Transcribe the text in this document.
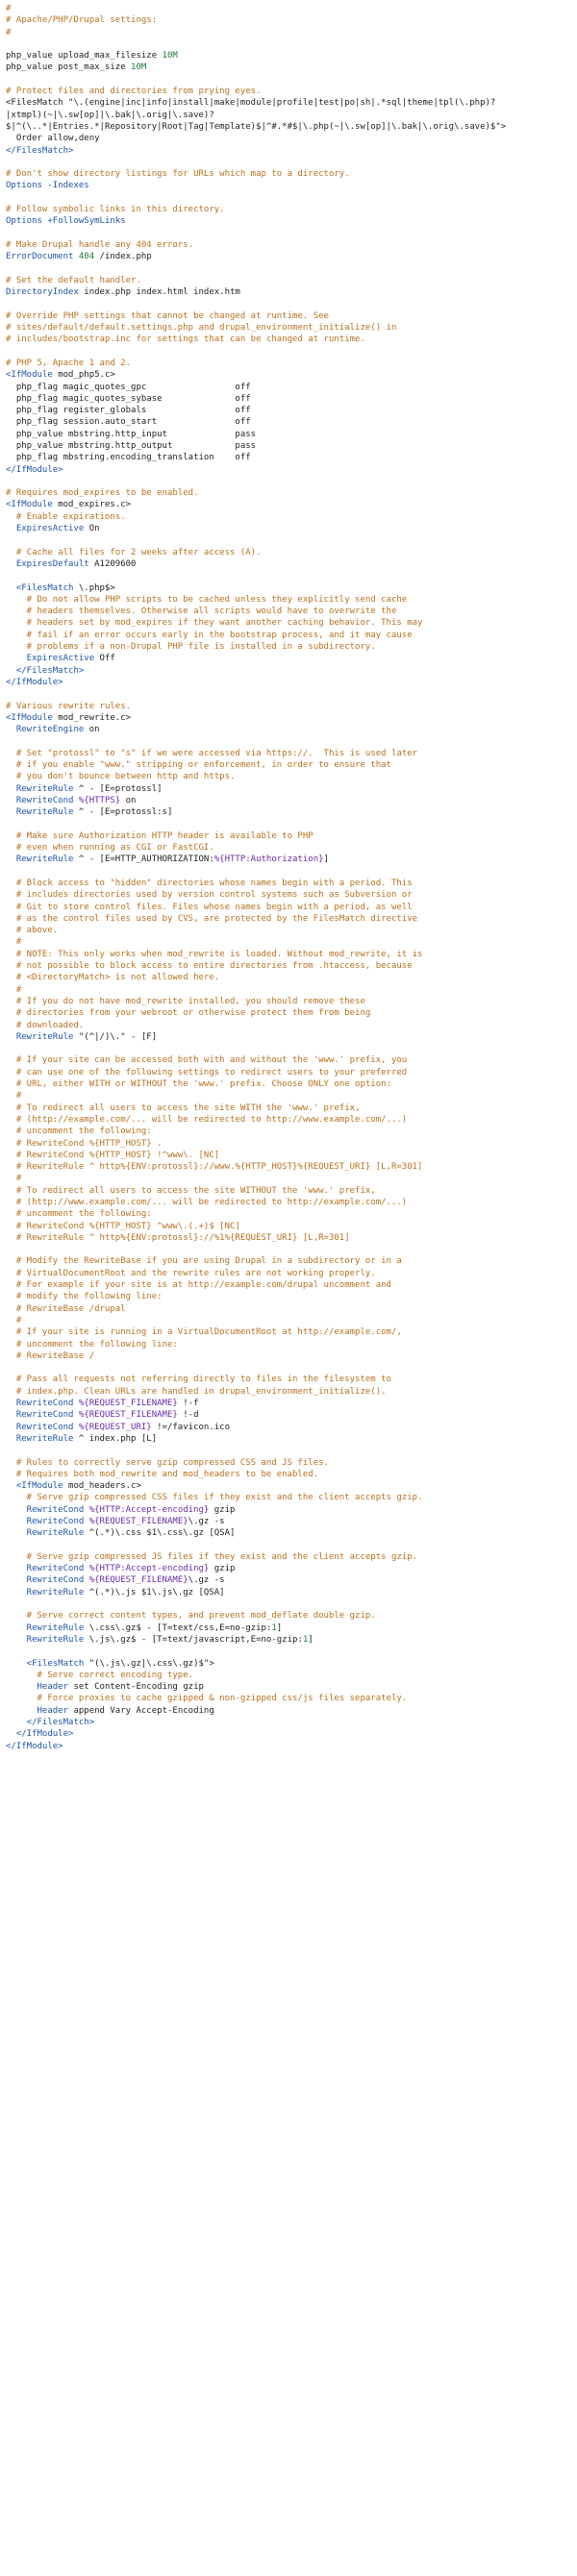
#
# Apache/PHP/Drupal settings:
#

php_value upload_max_filesize 10M
php_value post_max_size 10M

# Protect files and directories from prying eyes.
<FilesMatch "\.(engine|inc|info|install|make|module|profile|test|po|sh|.*sql|theme|tpl(\.php)?
|xtmpl)(~|\.sw[op]|\.bak|\.orig|\.save)?
$|^(\..*|Entries.*|Repository|Root|Tag|Template)$|^#.*#$|\.php(~|\.sw[op]|\.bak|\.orig\.save)$">
Order allow,deny
</FilesMatch>

# Don't show directory listings for URLs which map to a directory.
Options -Indexes

# Follow symbolic links in this directory.
Options +FollowSymLinks

# Make Drupal handle any 404 errors.
ErrorDocument 404 /index.php

# Set the default handler.
DirectoryIndex index.php index.html index.htm

# Override PHP settings that cannot be changed at runtime. See
# sites/default/default.settings.php and drupal_environment_initialize() in
# includes/bootstrap.inc for settings that can be changed at runtime.

# PHP 5, Apache 1 and 2.
<IfModule mod_php5.c>
php_flag magic_quotes_gpc                 off
php_flag magic_quotes_sybase              off
php_flag register_globals                 off
php_flag session.auto_start               off
php_value mbstring.http_input             pass
php_value mbstring.http_output            pass
php_flag mbstring.encoding_translation    off
</IfModule>

# Requires mod_expires to be enabled.
<IfModule mod_expires.c>
# Enable expirations.
ExpiresActive On

# Cache all files for 2 weeks after access (A).
ExpiresDefault A1209600

<FilesMatch \.php$>
# Do not allow PHP scripts to be cached unless they explicitly send cache
# headers themselves. Otherwise all scripts would have to overwrite the
# headers set by mod_expires if they want another caching behavior. This may
# fail if an error occurs early in the bootstrap process, and it may cause
# problems if a non-Drupal PHP file is installed in a subdirectory.
ExpiresActive Off
</FilesMatch>
</IfModule>

# Various rewrite rules.
<IfModule mod_rewrite.c>
RewriteEngine on

# Set "protossl" to "s" if we were accessed via https://.  This is used later
# if you enable "www." stripping or enforcement, in order to ensure that
# you don't bounce between http and https.
RewriteRule ^ - [E=protossl]
RewriteCond %{HTTPS} on
RewriteRule ^ - [E=protossl:s]

# Make sure Authorization HTTP header is available to PHP
# even when running as CGI or FastCGI.
RewriteRule ^ - [E=HTTP_AUTHORIZATION:%{HTTP:Authorization}]

# Block access to "hidden" directories whose names begin with a period. This
# includes directories used by version control systems such as Subversion or
# Git to store control files. Files whose names begin with a period, as well
# as the control files used by CVS, are protected by the FilesMatch directive
# above.
#
# NOTE: This only works when mod_rewrite is loaded. Without mod_rewrite, it is
# not possible to block access to entire directories from .htaccess, because
# <DirectoryMatch> is not allowed here.
#
# If you do not have mod_rewrite installed, you should remove these
# directories from your webroot or otherwise protect them from being
# downloaded.
RewriteRule "(^|/)\." - [F]

# If your site can be accessed both with and without the 'www.' prefix, you
# can use one of the following settings to redirect users to your preferred
# URL, either WITH or WITHOUT the 'www.' prefix. Choose ONLY one option:
#
# To redirect all users to access the site WITH the 'www.' prefix,
# (http://example.com/... will be redirected to http://www.example.com/...)
# uncomment the following:
# RewriteCond %{HTTP_HOST} .
# RewriteCond %{HTTP_HOST} !^www\. [NC]
# RewriteRule ^ http%{ENV:protossl}://www.%{HTTP_HOST}%{REQUEST_URI} [L,R=301]
#
# To redirect all users to access the site WITHOUT the 'www.' prefix,
# (http://www.example.com/... will be redirected to http://example.com/...)
# uncomment the following:
# RewriteCond %{HTTP_HOST} ^www\.(.+)$ [NC]
# RewriteRule ^ http%{ENV:protossl}://%1%{REQUEST_URI} [L,R=301]

# Modify the RewriteBase if you are using Drupal in a subdirectory or in a
# VirtualDocumentRoot and the rewrite rules are not working properly.
# For example if your site is at http://example.com/drupal uncomment and
# modify the following line:
# RewriteBase /drupal
#
# If your site is running in a VirtualDocumentRoot at http://example.com/,
# uncomment the following line:
# RewriteBase /

# Pass all requests not referring directly to files in the filesystem to
# index.php. Clean URLs are handled in drupal_environment_initialize().
RewriteCond %{REQUEST_FILENAME} !-f
RewriteCond %{REQUEST_FILENAME} !-d
RewriteCond %{REQUEST_URI} !=/favicon.ico
RewriteRule ^ index.php [L]

# Rules to correctly serve gzip compressed CSS and JS files.
# Requires both mod_rewrite and mod_headers to be enabled.
<IfModule mod_headers.c>
# Serve gzip compressed CSS files if they exist and the client accepts gzip.
RewriteCond %{HTTP:Accept-encoding} gzip
RewriteCond %{REQUEST_FILENAME}\.gz -s
RewriteRule ^(.*)\.css $1\.css\.gz [QSA]

# Serve gzip compressed JS files if they exist and the client accepts gzip.
RewriteCond %{HTTP:Accept-encoding} gzip
RewriteCond %{REQUEST_FILENAME}\.gz -s
RewriteRule ^(.*)\.js $1\.js\.gz [QSA]

# Serve correct content types, and prevent mod_deflate double gzip.
RewriteRule \.css\.gz$ - [T=text/css,E=no-gzip:1]
RewriteRule \.js\.gz$ - [T=text/javascript,E=no-gzip:1]

<FilesMatch "(\.js\.gz|\.css\.gz)$">
# Serve correct encoding type.
Header set Content-Encoding gzip
# Force proxies to cache gzipped & non-gzipped css/js files separately.
Header append Vary Accept-Encoding
</FilesMatch>
</IfModule>
</IfModule>
